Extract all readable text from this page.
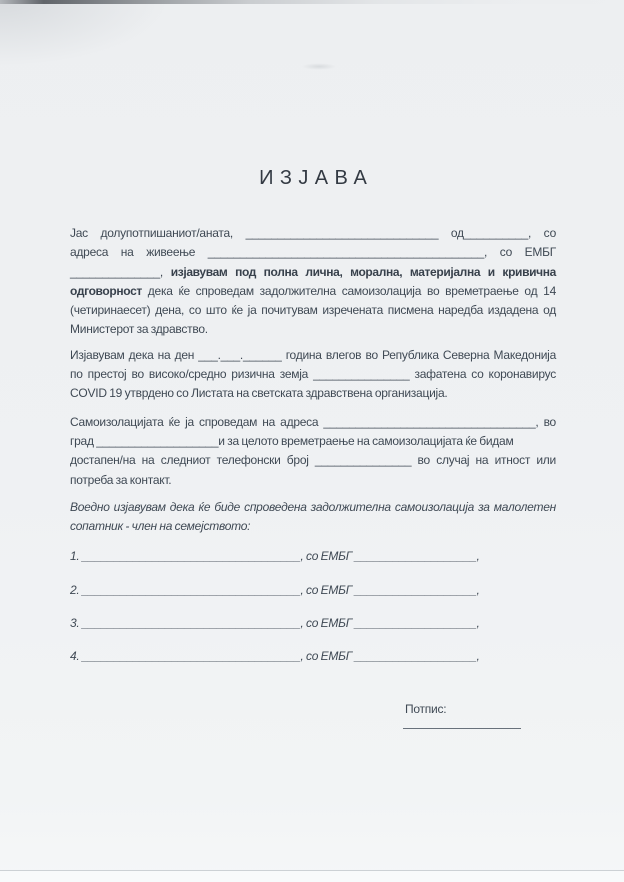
ИЗЈАВА
Јас долупотпишаниот/аната, ______________________________ од__________, со
адреса на живеење ___________________________________________, со ЕМБГ
______________, изјавувам под полна лична, морална, материјална и кривична
одговорност дека ќе спроведам задолжителна самоизолација во времетраење од 14
(четиринаесет) дена, со што ќе ја почитувам изречената писмена наредба издадена од
Министерот за здравство.
Изјавувам дека на ден ___.___.______ година влегов во Република Северна Македонија
по престој во високо/средно ризична земја _______________ зафатена со коронавирус
COVID 19 утврдено со Листата на светската здравствена организација.
Самоизолацијата ќе ја спроведам на адреса _________________________________, во
град ___________________и за целото времетраење на самоизолацијата ќе бидам
достапен/на на следниот телефонски број _______________ во случај на итност или
потреба за контакт.
Воедно изјавувам дека ќе биде спроведена задолжителна самоизолација за малолетен
сопатник - член на семејството:
1. __________________________________, со ЕМБГ ___________________,
2. __________________________________, со ЕМБГ ___________________,
3. __________________________________, со ЕМБГ ___________________,
4. __________________________________, со ЕМБГ ___________________,
Потпис:
